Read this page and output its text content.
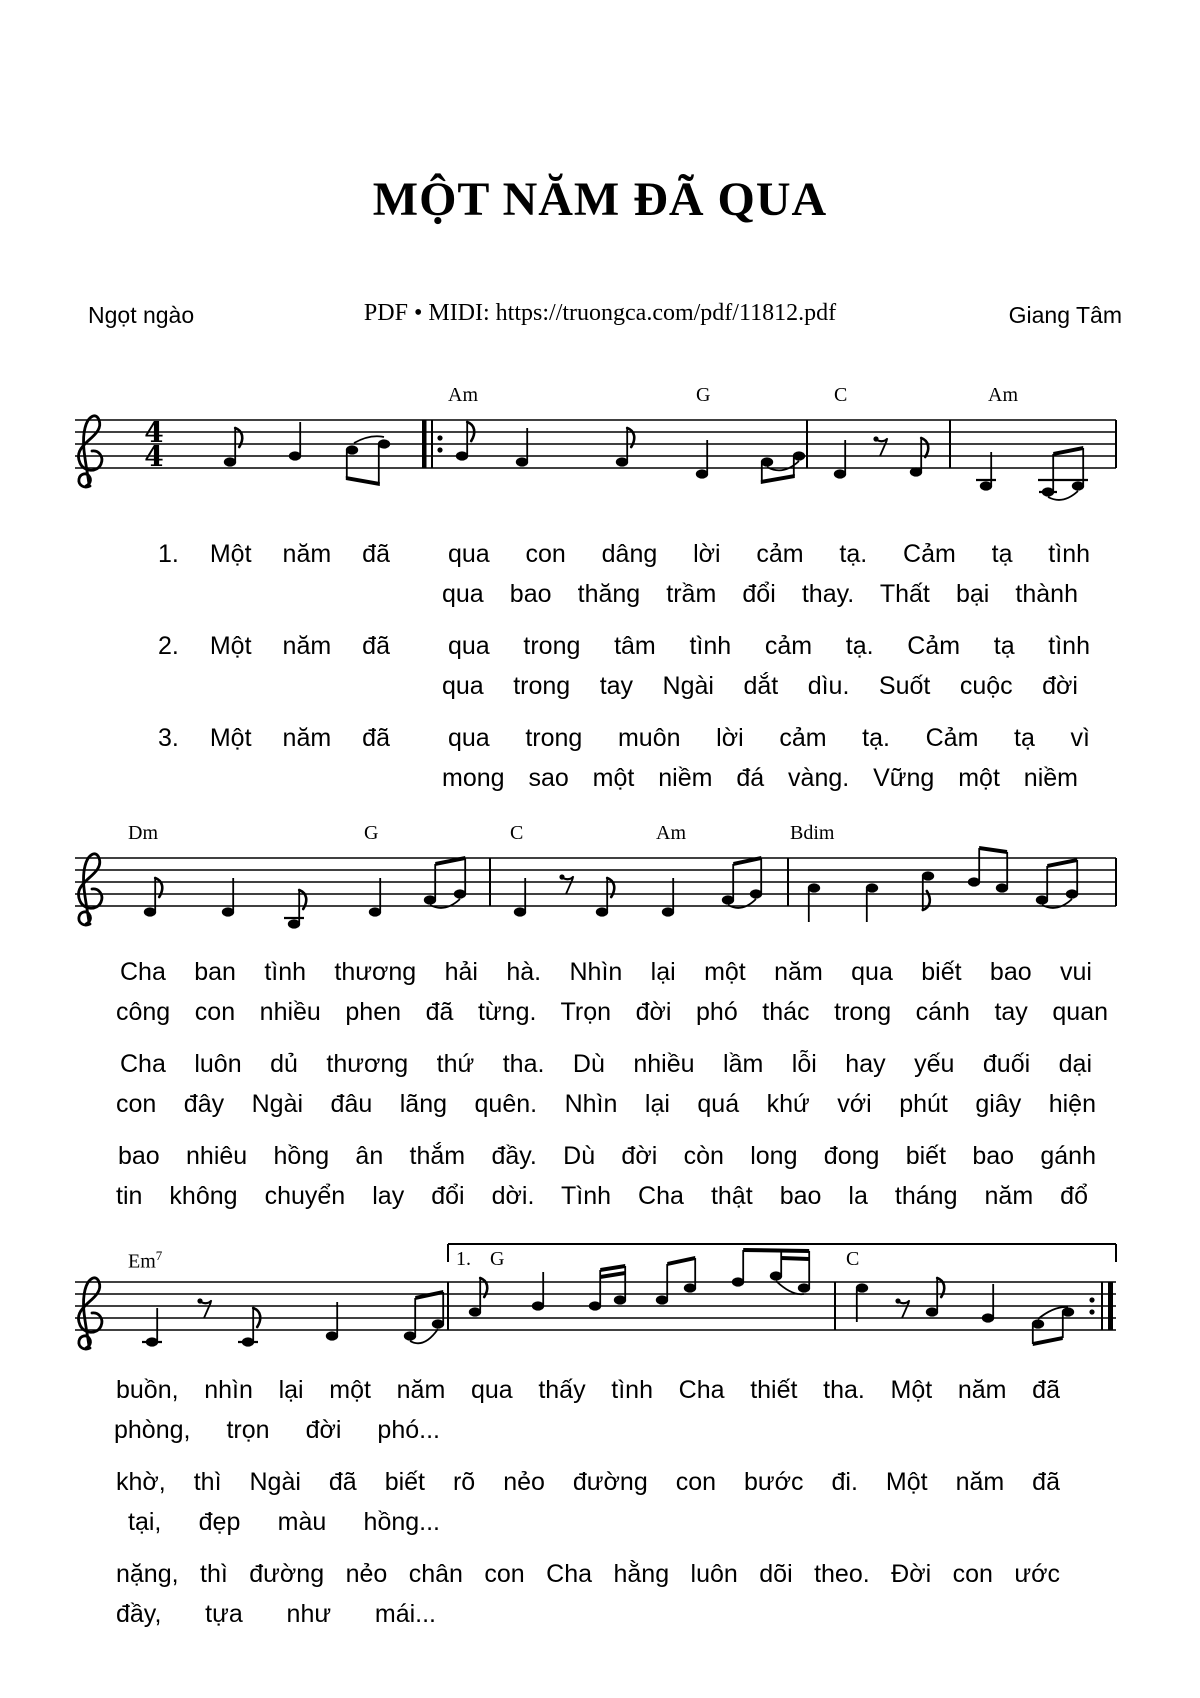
MỘT NĂM ĐÃ QUA
Ngọt ngào	PDF • MIDI: https://truongca.com/pdf/11812.pdf	Giang Tâm
Am	G	C	Am
4
4
1. Một năm đã qua con dâng lời cảm tạ. Cảm tạ tình
qua bao thăng trầm đổi thay. Thất bại thành
2. Một năm đã qua trong tâm tình cảm tạ. Cảm tạ tình
qua trong tay Ngài dắt dìu. Suốt cuộc đời
3. Một năm đã qua trong muôn lời cảm tạ. Cảm tạ vì
mong sao một niềm đá vàng. Vững một niềm
Dm	G	C	Am	Bdim
Cha ban tình thương hải hà. Nhìn lại một năm qua biết bao vui
công con nhiều phen đã từng. Trọn đời phó thác trong cánh tay quan
Cha luôn dủ thương thứ tha. Dù nhiều lầm lỗi hay yếu đuối dại
con đây Ngài đâu lãng quên. Nhìn lại quá khứ với phút giây hiện
bao nhiêu hồng ân thắm đầy. Dù đời còn long đong biết bao gánh
tin không chuyển lay đổi dời. Tình Cha thật bao la tháng năm đổ
Em$^7$	1. G	C
buồn, nhìn lại một năm qua thấy tình Cha thiết tha. Một năm đã
phòng, trọn đời phó...
khờ, thì Ngài đã biết rõ nẻo đường con bước đi. Một năm đã
tại, đẹp màu hồng...
nặng, thì đường nẻo chân con Cha hằng luôn dõi theo. Đời con ước
đầy, tựa như mái...
